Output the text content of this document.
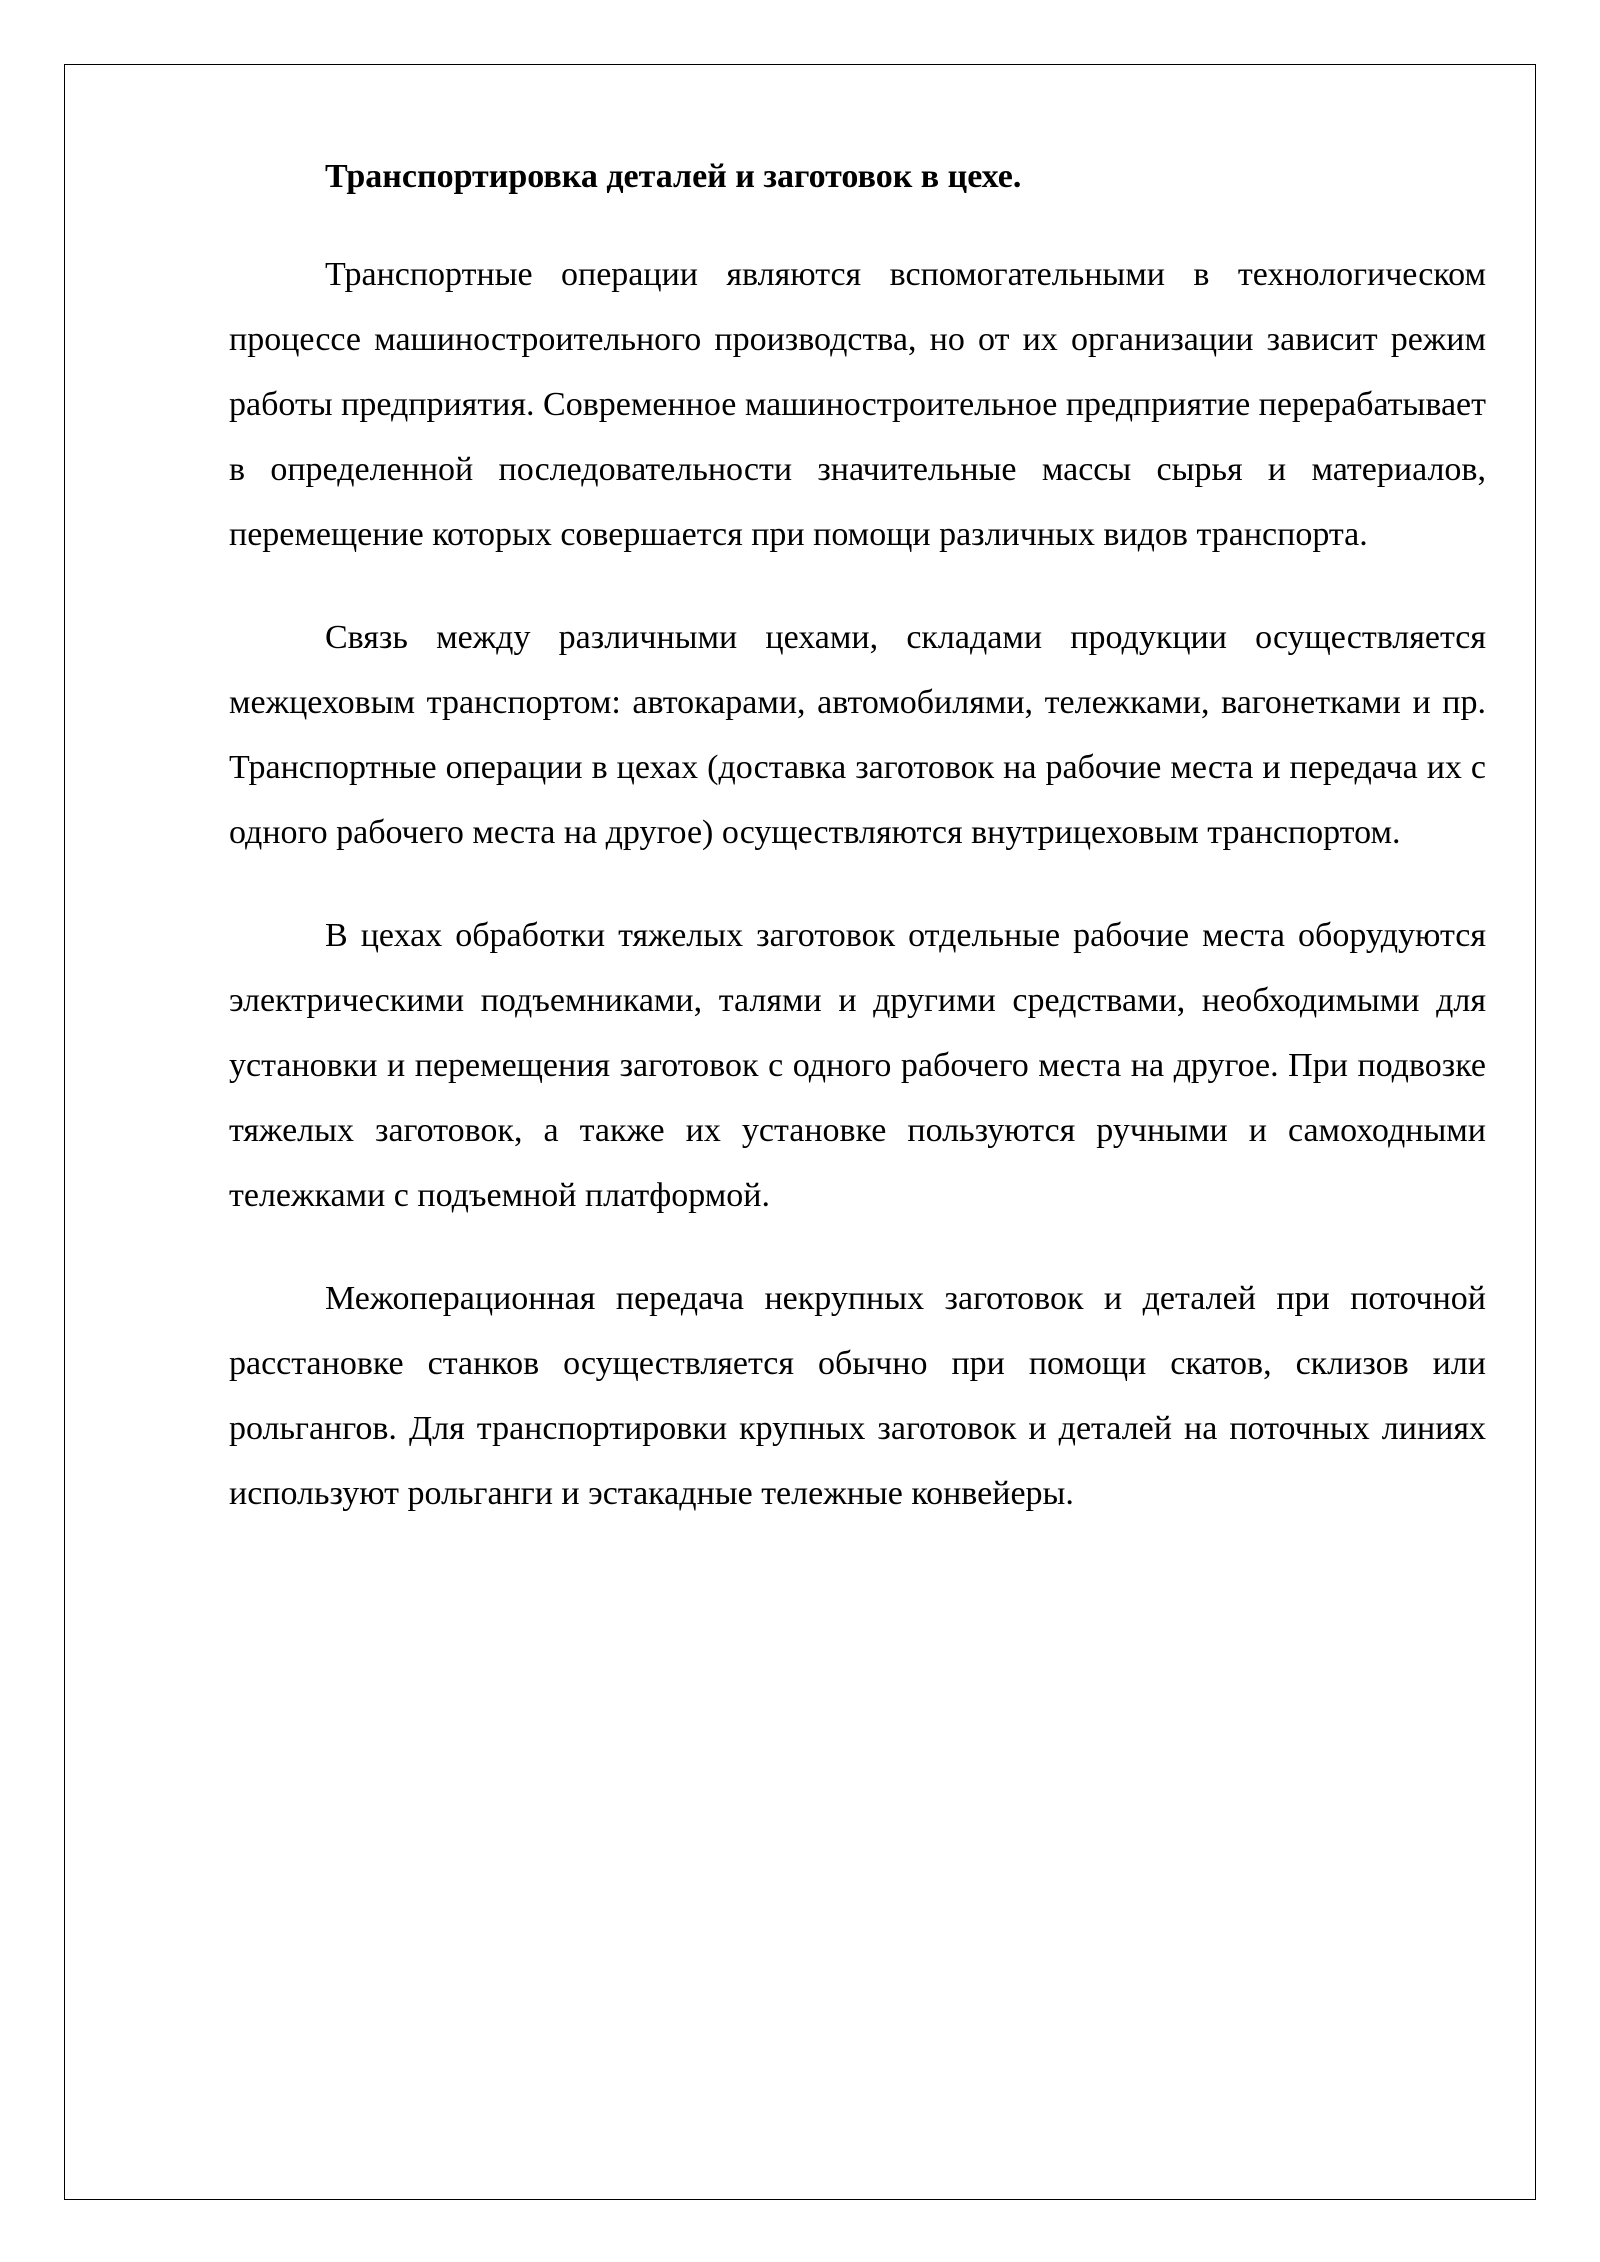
Транспортировка деталей и заготовок в цехе.

Транспортные операции являются вспомогательными в технологическом процессе машиностроительного производства, но от их организации зависит режим работы предприятия. Современное машиностроительное предприятие перерабатывает в определенной последовательности значительные массы сырья и материалов, перемещение которых совершается при помощи различных видов транспорта.

Связь между различными цехами, складами продукции осуществляется межцеховым транспортом: автокарами, автомобилями, тележками, вагонетками и пр. Транспортные операции в цехах (доставка заготовок на рабочие места и передача их с одного рабочего места на другое) осуществляются внутрицеховым транспортом.

В цехах обработки тяжелых заготовок отдельные рабочие места оборудуются электрическими подъемниками, талями и другими средствами, необходимыми для установки и перемещения заготовок с одного рабочего места на другое. При подвозке тяжелых заготовок, а также их установке пользуются ручными и самоходными тележками с подъемной платформой.

Межоперационная передача некрупных заготовок и деталей при поточной расстановке станков осуществляется обычно при помощи скатов, склизов или рольгангов. Для транспортировки крупных заготовок и деталей на поточных линиях используют рольганги и эстакадные тележные конвейеры.
